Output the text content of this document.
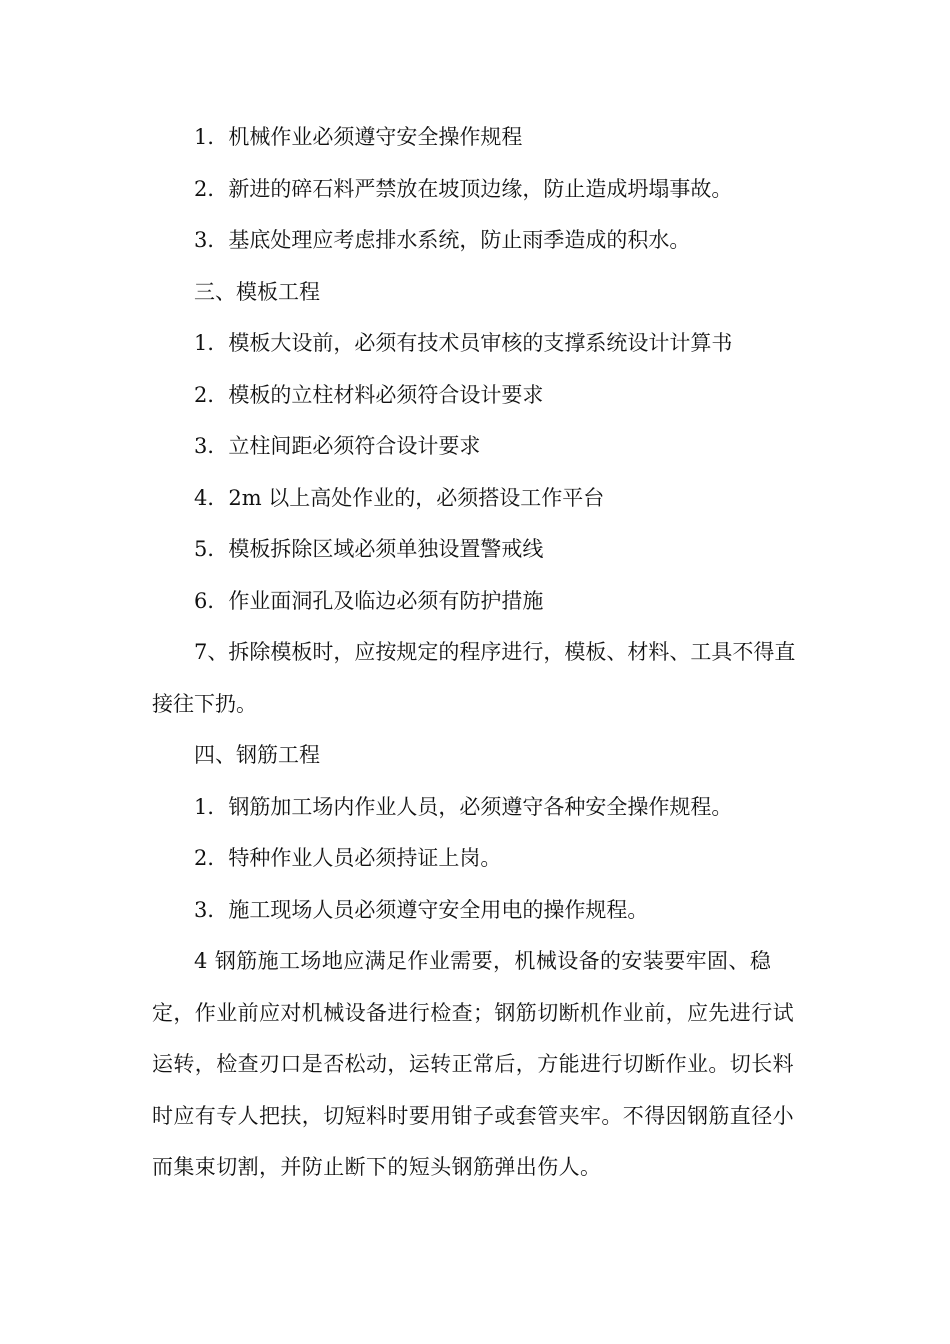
1．机械作业必须遵守安全操作规程

2．新进的碎石料严禁放在坡顶边缘，防止造成坍塌事故。

3．基底处理应考虑排水系统，防止雨季造成的积水。

三、模板工程

1．模板大设前，必须有技术员审核的支撑系统设计计算书

2．模板的立柱材料必须符合设计要求

3．立柱间距必须符合设计要求

4．2m 以上高处作业的，必须搭设工作平台

5．模板拆除区域必须单独设置警戒线

6．作业面洞孔及临边必须有防护措施

7、拆除模板时，应按规定的程序进行，模板、材料、工具不得直接往下扔。

四、钢筋工程

1．钢筋加工场内作业人员，必须遵守各种安全操作规程。

2．特种作业人员必须持证上岗。

3．施工现场人员必须遵守安全用电的操作规程。

4 钢筋施工场地应满足作业需要，机械设备的安装要牢固、稳定，作业前应对机械设备进行检查；钢筋切断机作业前，应先进行试运转，检查刃口是否松动，运转正常后，方能进行切断作业。切长料时应有专人把扶，切短料时要用钳子或套管夹牢。不得因钢筋直径小而集束切割，并防止断下的短头钢筋弹出伤人。
